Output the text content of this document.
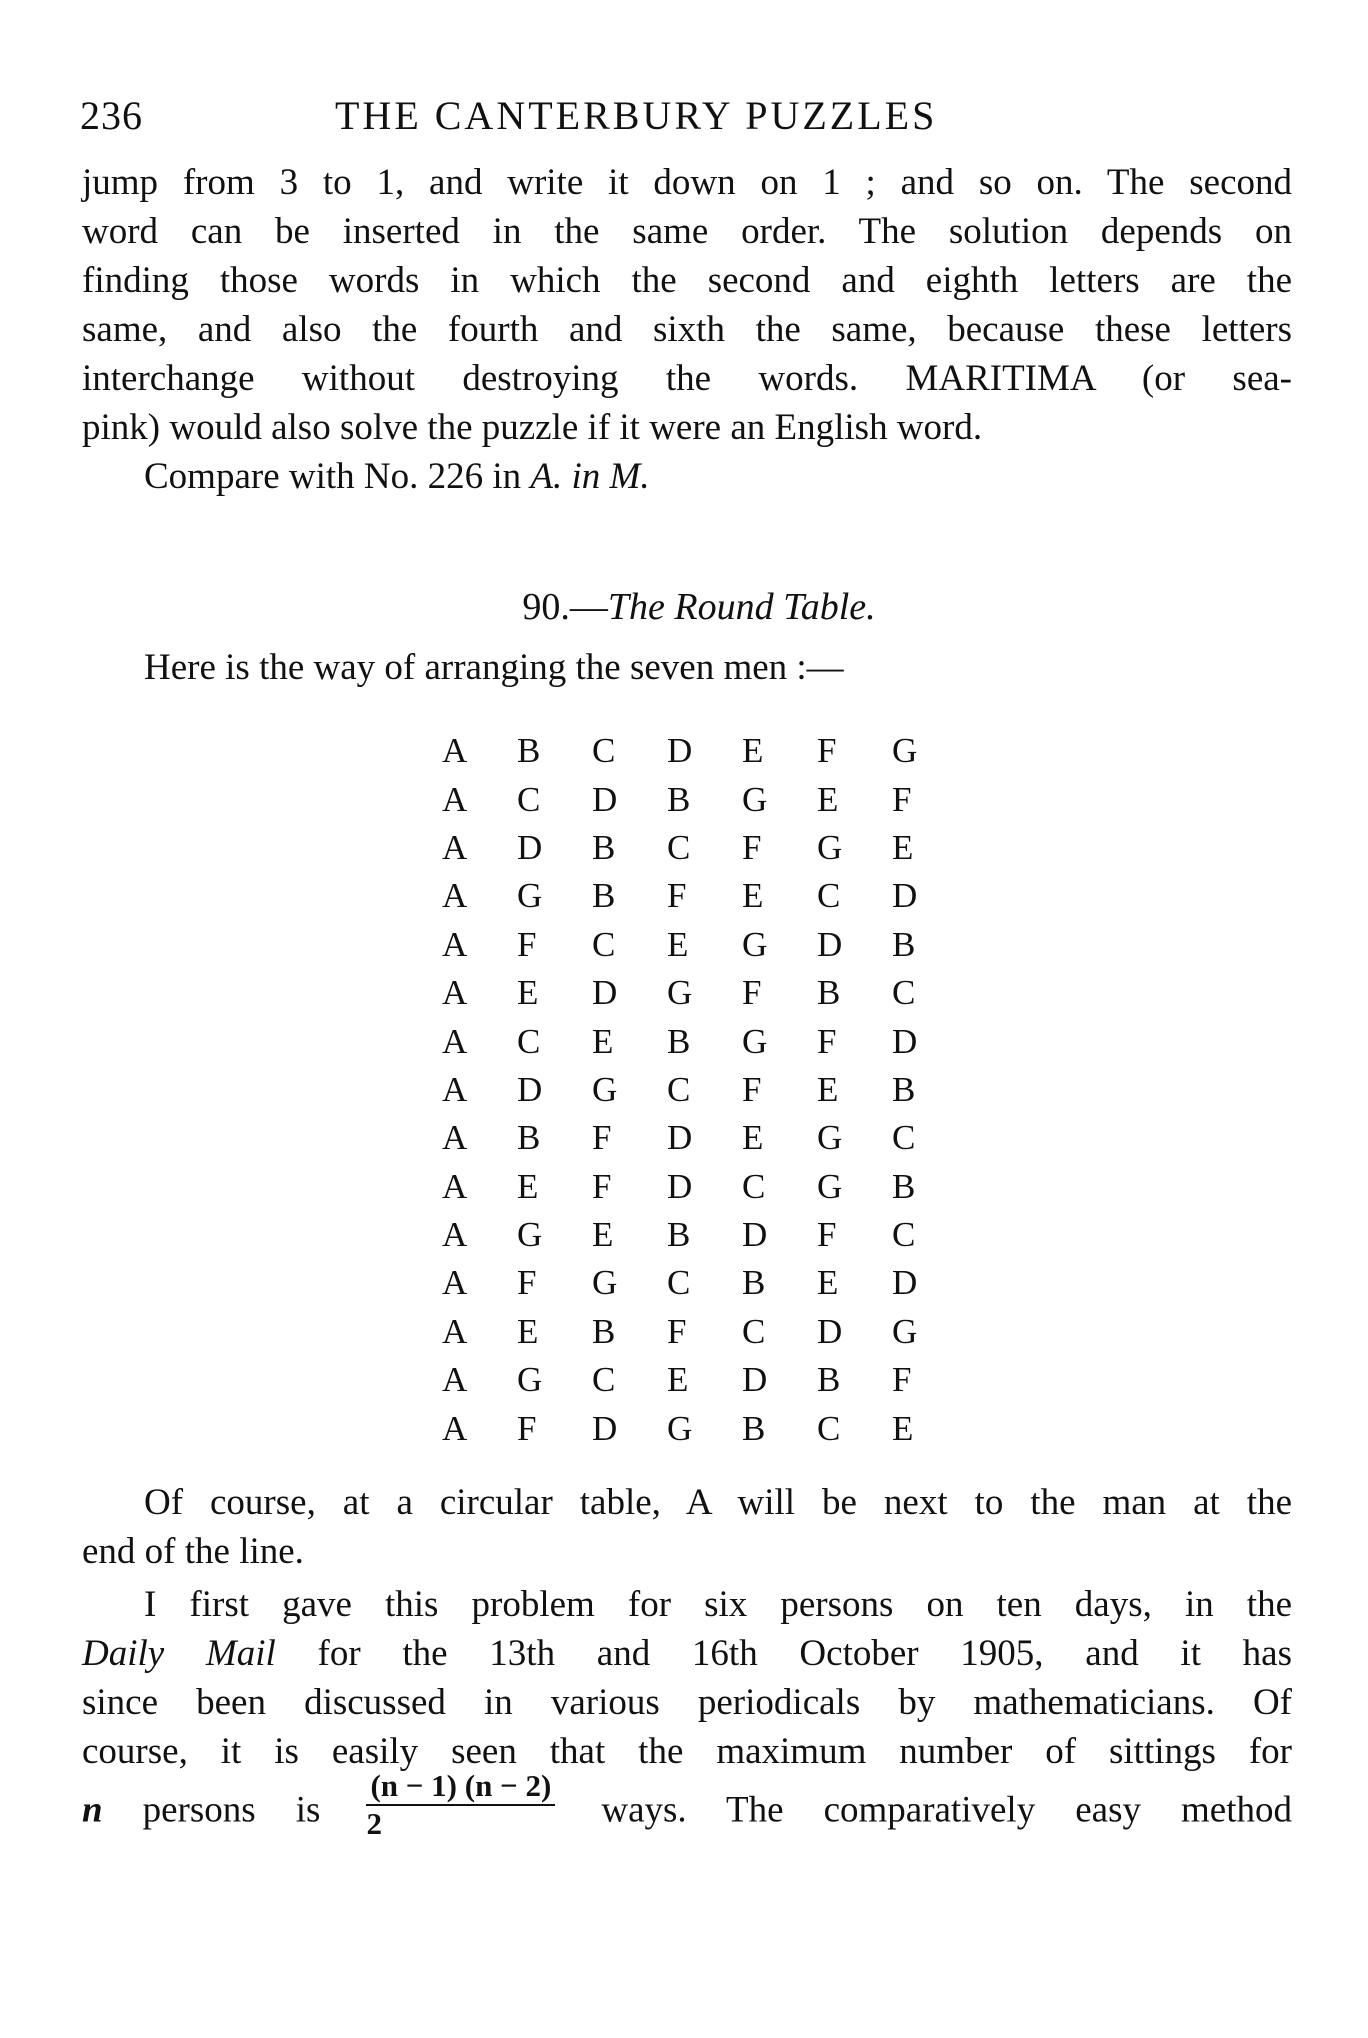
236	THE CANTERBURY PUZZLES
jump from 3 to 1, and write it down on 1 ; and so on. The second
word can be inserted in the same order. The solution depends on
finding those words in which the second and eighth letters are the
same, and also the fourth and sixth the same, because these letters
interchange without destroying the words. MARITIMA (or sea-
pink) would also solve the puzzle if it were an English word.
Compare with No. 226 in A. in M.
90.—The Round Table.
Here is the way of arranging the seven men :—
A	B	C	D	E	F	G
A	C	D	B	G	E	F
A	D	B	C	F	G	E
A	G	B	F	E	C	D
A	F	C	E	G	D	B
A	E	D	G	F	B	C
A	C	E	B	G	F	D
A	D	G	C	F	E	B
A	B	F	D	E	G	C
A	E	F	D	C	G	B
A	G	E	B	D	F	C
A	F	G	C	B	E	D
A	E	B	F	C	D	G
A	G	C	E	D	B	F
A	F	D	G	B	C	E
Of course, at a circular table, A will be next to the man at the
end of the line.
I first gave this problem for six persons on ten days, in the
Daily Mail for the 13th and 16th October 1905, and it has
since been discussed in various periodicals by mathematicians. Of
course, it is easily seen that the maximum number of sittings for
n persons is $\frac{(n - 1) (n - 2)}{2}$ ways. The comparatively easy method
